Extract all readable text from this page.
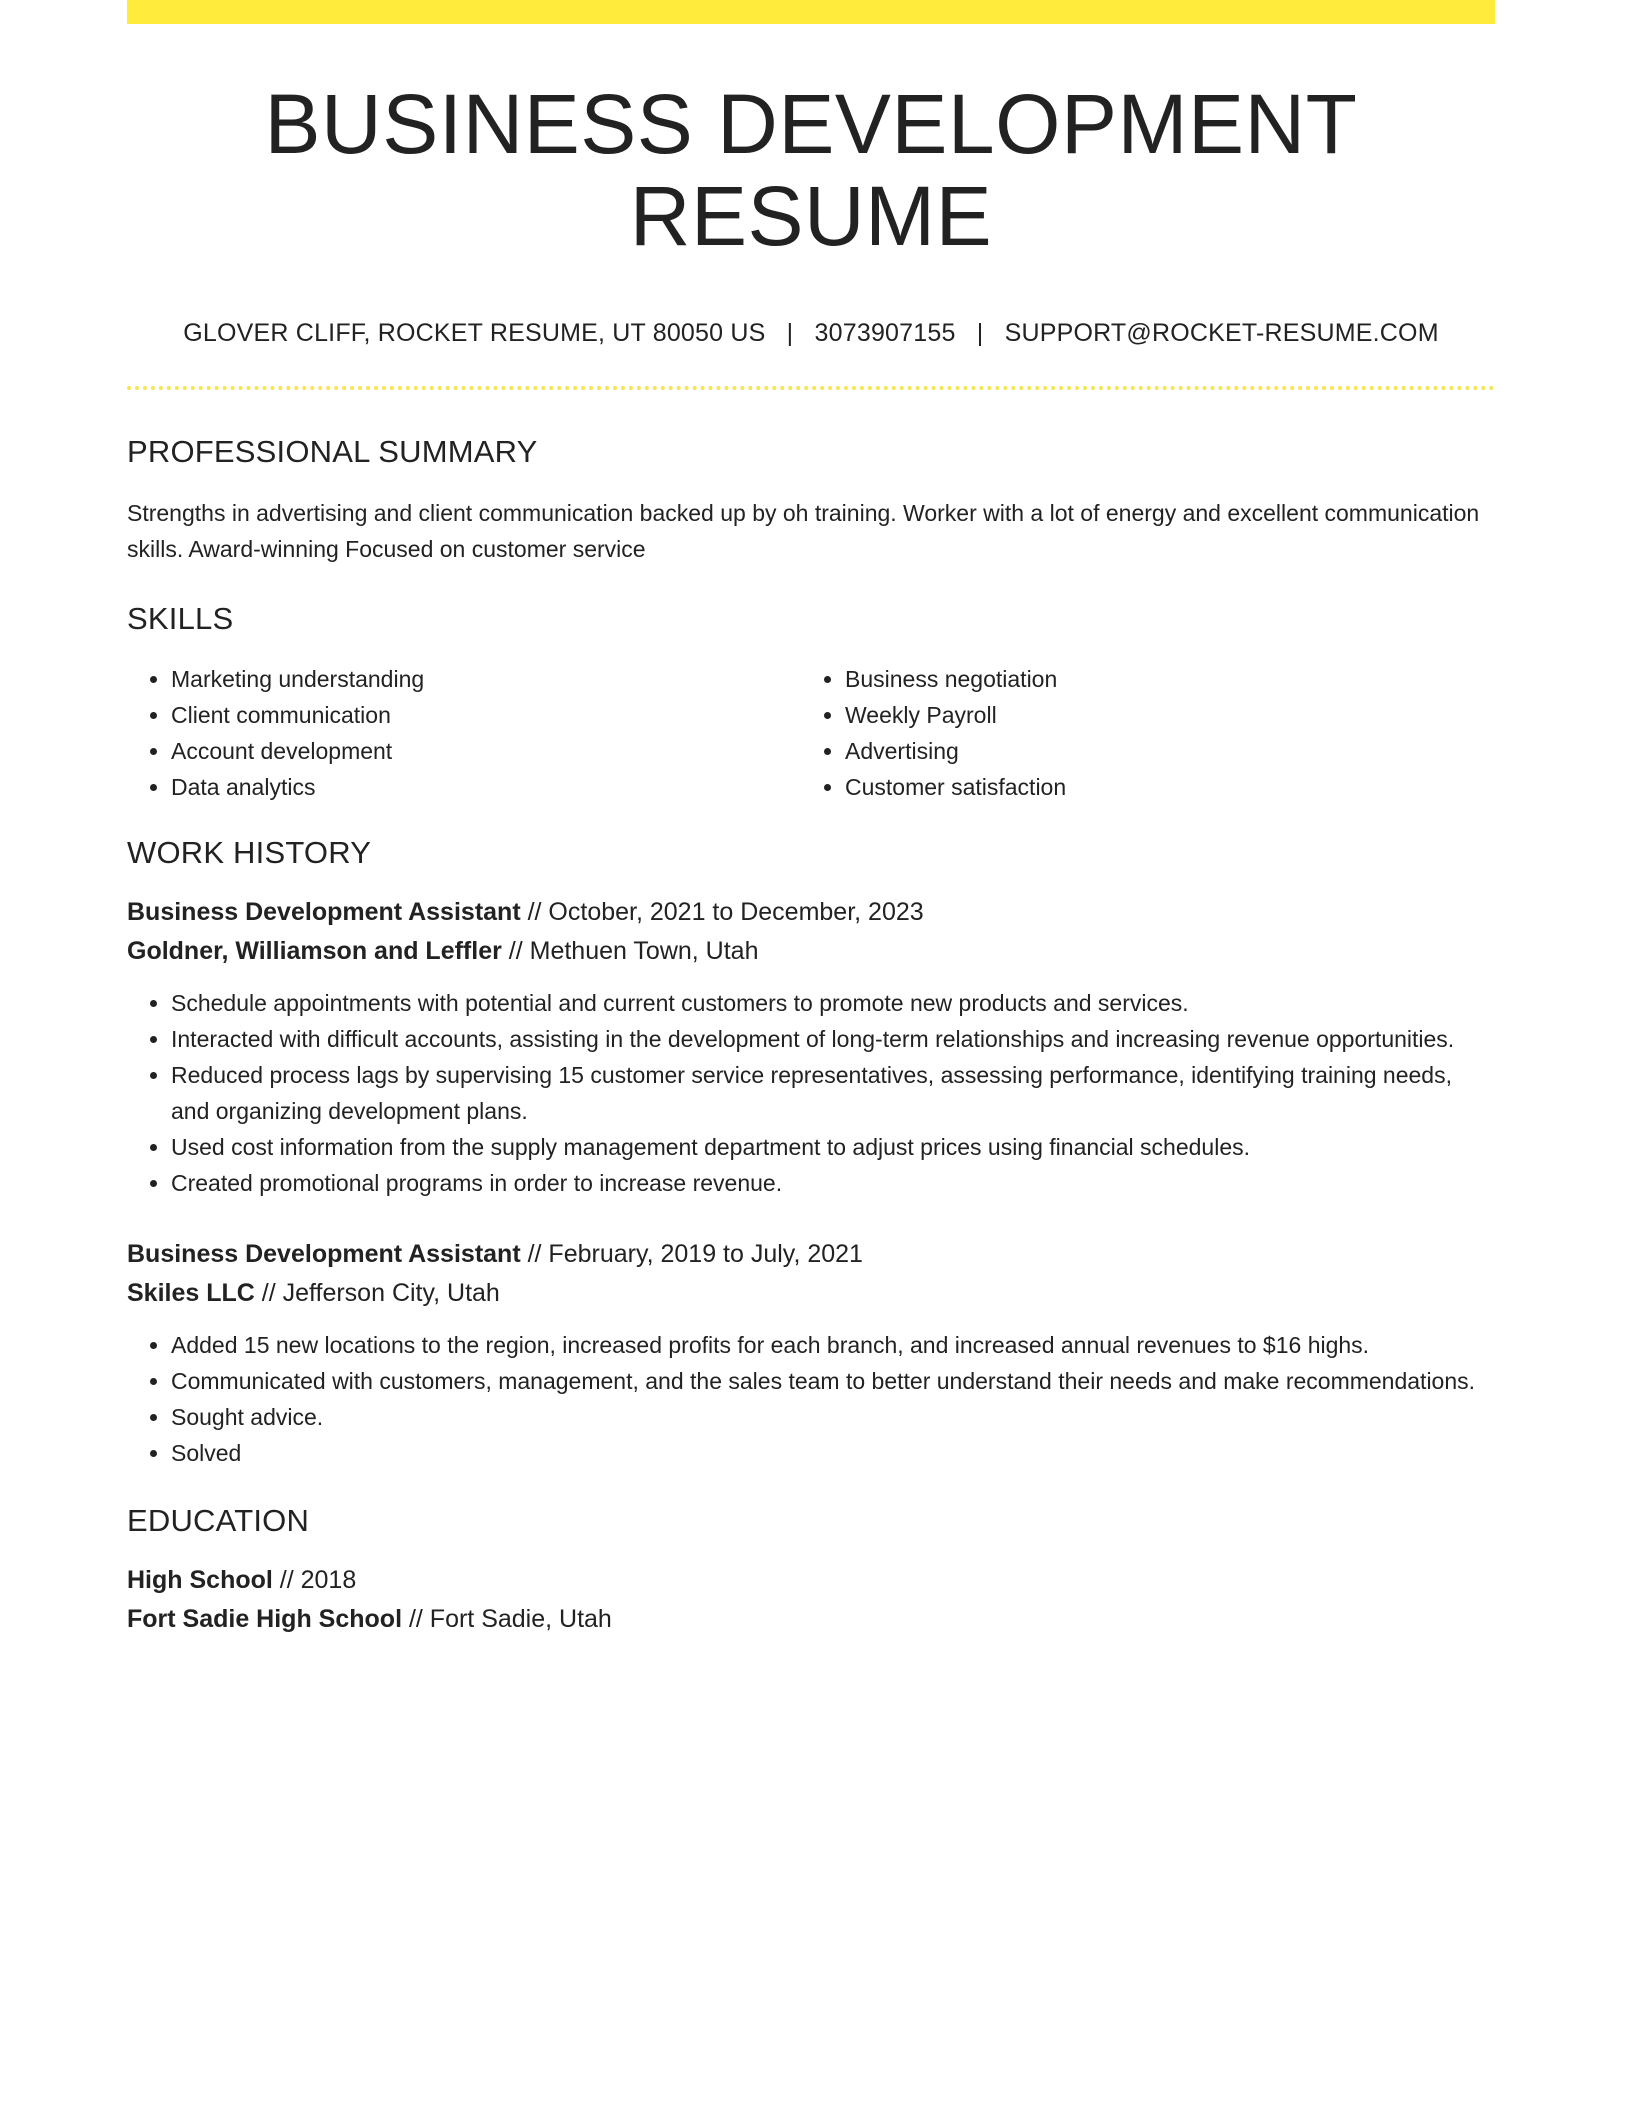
BUSINESS DEVELOPMENT RESUME
GLOVER CLIFF, ROCKET RESUME, UT 80050 US | 3073907155 | SUPPORT@ROCKET-RESUME.COM
PROFESSIONAL SUMMARY
Strengths in advertising and client communication backed up by oh training. Worker with a lot of energy and excellent communication skills. Award-winning Focused on customer service
SKILLS
• Marketing understanding
• Client communication
• Account development
• Data analytics
• Business negotiation
• Weekly Payroll
• Advertising
• Customer satisfaction
WORK HISTORY
Business Development Assistant // October, 2021 to December, 2023
Goldner, Williamson and Leffler // Methuen Town, Utah
• Schedule appointments with potential and current customers to promote new products and services.
• Interacted with difficult accounts, assisting in the development of long-term relationships and increasing revenue opportunities.
• Reduced process lags by supervising 15 customer service representatives, assessing performance, identifying training needs, and organizing development plans.
• Used cost information from the supply management department to adjust prices using financial schedules.
• Created promotional programs in order to increase revenue.
Business Development Assistant // February, 2019 to July, 2021
Skiles LLC // Jefferson City, Utah
• Added 15 new locations to the region, increased profits for each branch, and increased annual revenues to $16 highs.
• Communicated with customers, management, and the sales team to better understand their needs and make recommendations.
• Sought advice.
• Solved
EDUCATION
High School // 2018
Fort Sadie High School // Fort Sadie, Utah
